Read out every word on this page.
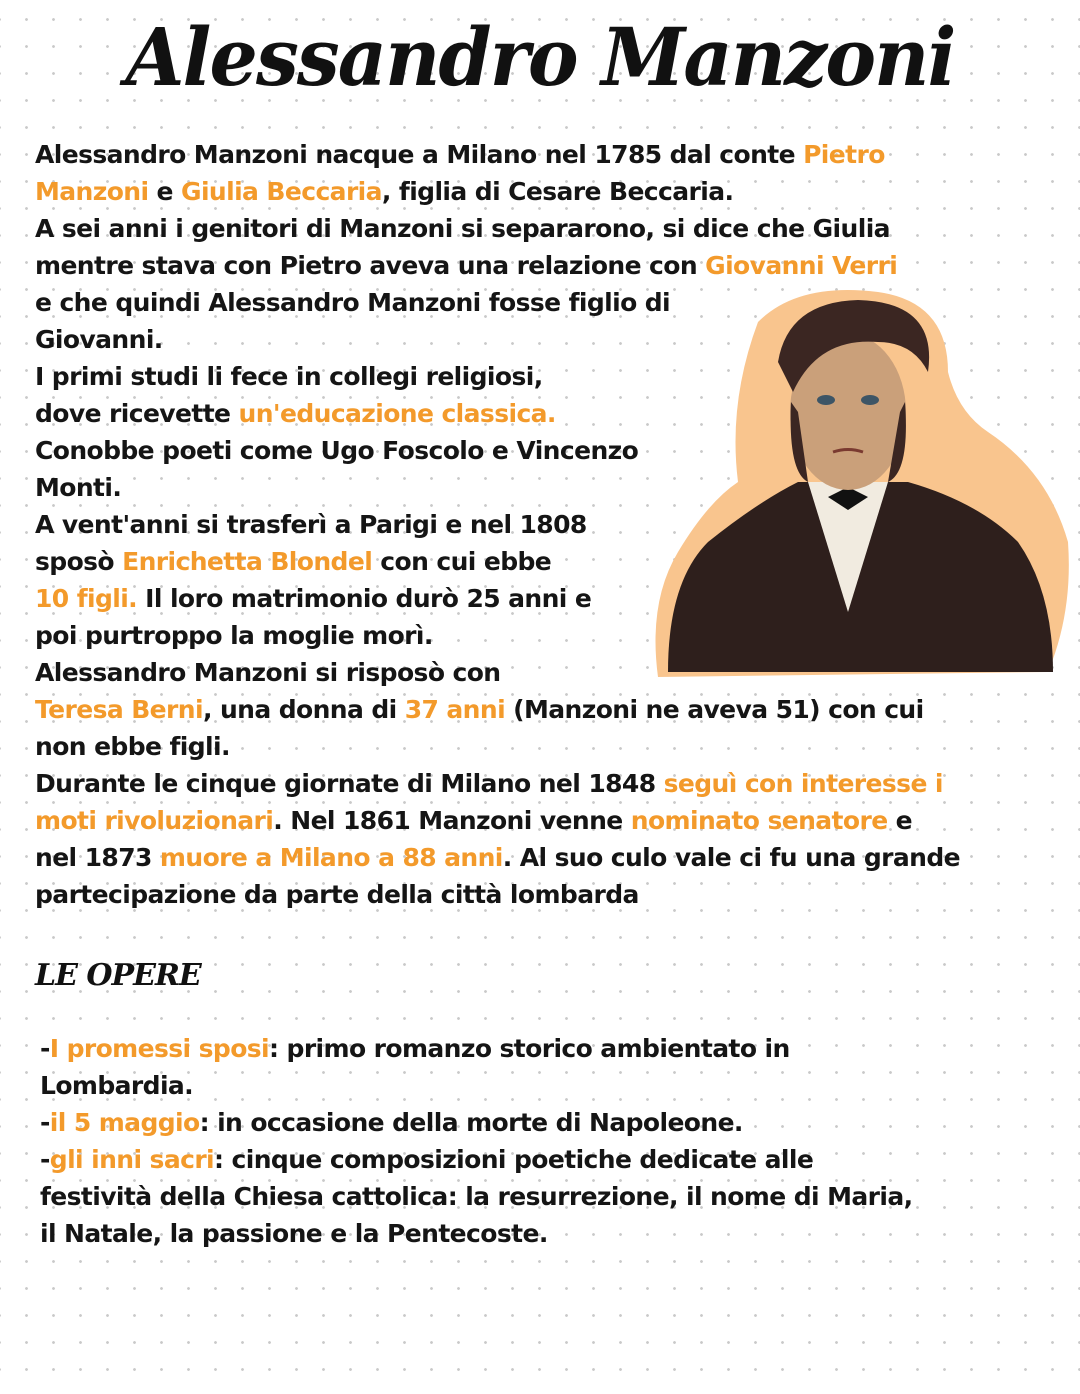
Alessandro Manzoni
Alessandro Manzoni nacque a Milano nel 1785 dal conte Pietro
Manzoni e Giulia Beccaria, figlia di Cesare Beccaria.
A sei anni i genitori di Manzoni si separarono, si dice che Giulia
mentre stava con Pietro aveva una relazione con Giovanni Verri
e che quindi Alessandro Manzoni fosse figlio di
Giovanni.
I primi studi li fece in collegi religiosi,
dove ricevette un'educazione classica.
Conobbe poeti come Ugo Foscolo e Vincenzo
Monti.
A vent'anni si trasferì a Parigi e nel 1808
sposò Enrichetta Blondel con cui ebbe
10 figli. Il loro matrimonio durò 25 anni e
poi purtroppo la moglie morì.
Alessandro Manzoni si risposò con
Teresa Berni, una donna di 37 anni (Manzoni ne aveva 51) con cui
non ebbe figli.
Durante le cinque giornate di Milano nel 1848 seguì con interesse i
moti rivoluzionari. Nel 1861 Manzoni venne nominato senatore e
nel 1873 muore a Milano a 88 anni. Al suo culo vale ci fu una grande
partecipazione da parte della città lombarda
LE OPERE
-I promessi sposi: primo romanzo storico ambientato in
Lombardia.
-il 5 maggio: in occasione della morte di Napoleone.
-gli inni sacri: cinque composizioni poetiche dedicate alle
festività della Chiesa cattolica: la resurrezione, il nome di Maria,
il Natale, la passione e la Pentecoste.
